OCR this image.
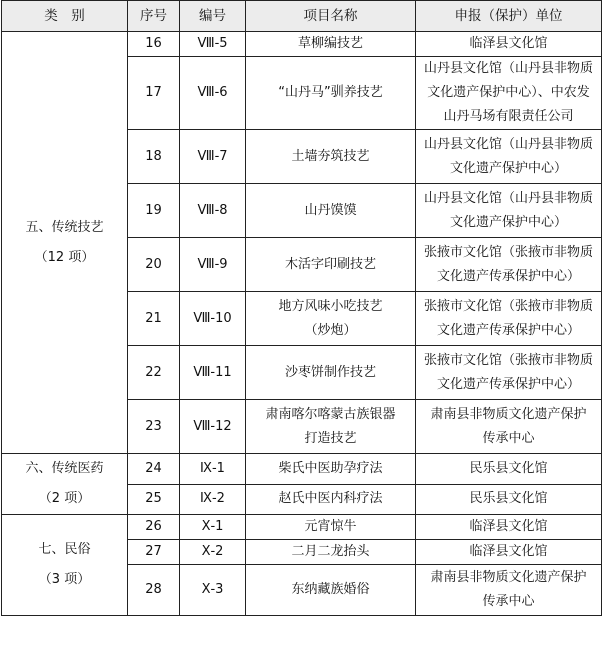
类　别	序号	编号	项目名称	申报（保护）单位
五、传统技艺
（12 项）	16	Ⅷ-5	草柳编技艺	临泽县文化馆
	17	Ⅷ-6	“山丹马”驯养技艺	山丹县文化馆（山丹县非物质
文化遗产保护中心）、中农发
山丹马场有限责任公司
	18	Ⅷ-7	土墙夯筑技艺	山丹县文化馆（山丹县非物质
文化遗产保护中心）
	19	Ⅷ-8	山丹馍馍	山丹县文化馆（山丹县非物质
文化遗产保护中心）
	20	Ⅷ-9	木活字印刷技艺	张掖市文化馆（张掖市非物质
文化遗产传承保护中心）
	21	Ⅷ-10	地方风味小吃技艺
（炒炮）	张掖市文化馆（张掖市非物质
文化遗产传承保护中心）
	22	Ⅷ-11	沙枣饼制作技艺	张掖市文化馆（张掖市非物质
文化遗产传承保护中心）
	23	Ⅷ-12	肃南喀尔喀蒙古族银器
打造技艺	肃南县非物质文化遗产保护
传承中心
六、传统医药
（2 项）	24	Ⅸ-1	柴氏中医助孕疗法	民乐县文化馆
	25	Ⅸ-2	赵氏中医内科疗法	民乐县文化馆
七、民俗
（3 项）	26	Ⅹ-1	元宵惊牛	临泽县文化馆
	27	Ⅹ-2	二月二龙抬头	临泽县文化馆
	28	Ⅹ-3	东纳藏族婚俗	肃南县非物质文化遗产保护
传承中心
